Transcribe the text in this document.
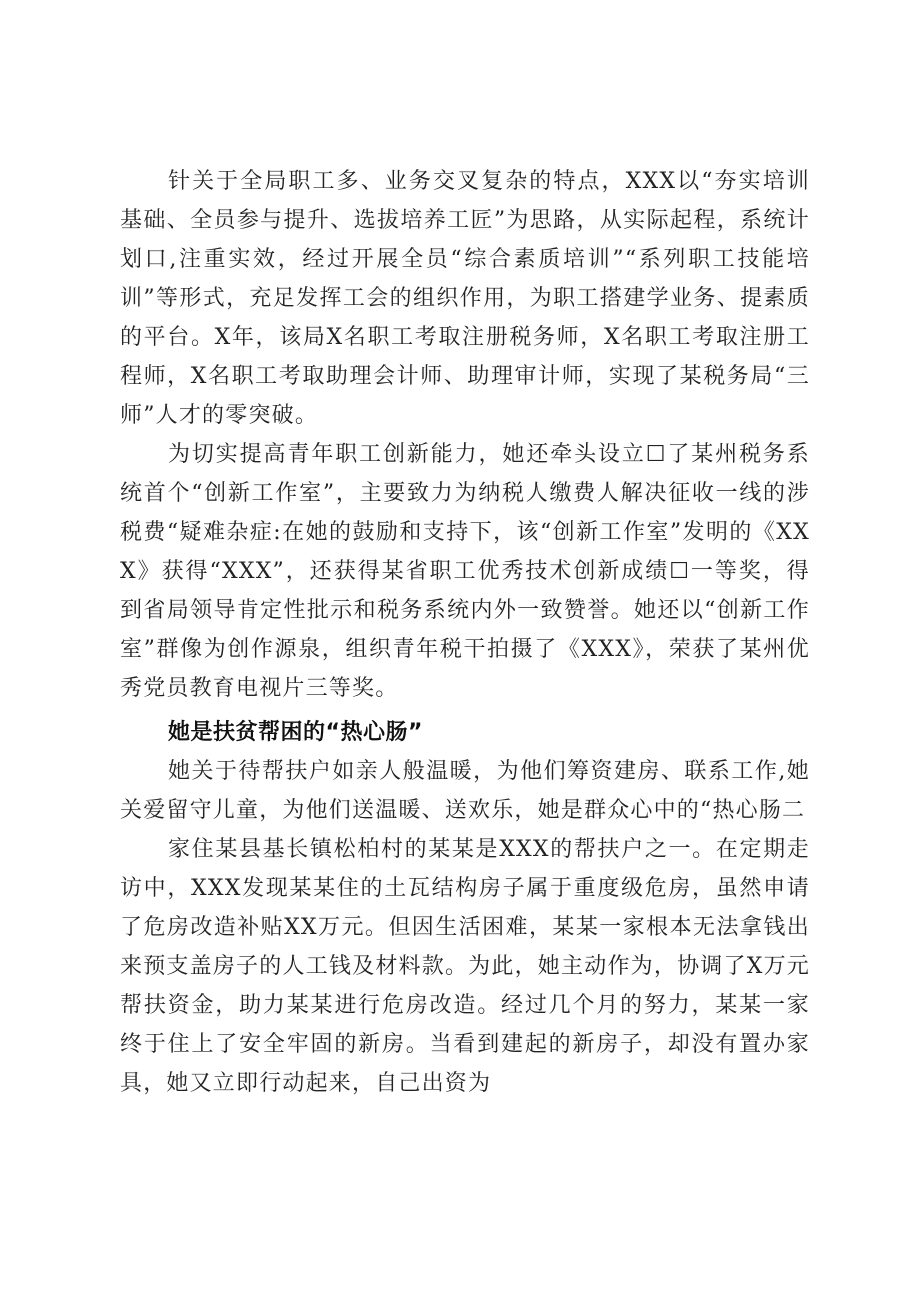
针关于全局职工多、业务交叉复杂的特点，XXX以“夯实培训基础、全员参与提升、选拔培养工匠”为思路，从实际起程，系统计划口,注重实效，经过开展全员“综合素质培训”“系列职工技能培训”等形式，充足发挥工会的组织作用，为职工搭建学业务、提素质的平台。X年，该局X名职工考取注册税务师，X名职工考取注册工程师，X名职工考取助理会计师、助理审计师，实现了某税务局“三师”人才的零突破。

为切实提高青年职工创新能力，她还牵头设立☐了某州税务系统首个“创新工作室”，主要致力为纳税人缴费人解决征收一线的涉税费“疑难杂症:在她的鼓励和支持下，该“创新工作室”发明的《XXX》获得“XXX”，还获得某省职工优秀技术创新成绩☐一等奖，得到省局领导肯定性批示和税务系统内外一致赞誉。她还以“创新工作室”群像为创作源泉，组织青年税干拍摄了《XXX》，荣获了某州优秀党员教育电视片三等奖。

她是扶贫帮困的“热心肠”

她关于待帮扶户如亲人般温暖，为他们筹资建房、联系工作,她关爱留守儿童，为他们送温暖、送欢乐，她是群众心中的“热心肠二

家住某县基长镇松柏村的某某是XXX的帮扶户之一。在定期走访中，XXX发现某某住的土瓦结构房子属于重度级危房，虽然申请了危房改造补贴XX万元。但因生活困难，某某一家根本无法拿钱出来预支盖房子的人工钱及材料款。为此，她主动作为，协调了X万元帮扶资金，助力某某进行危房改造。经过几个月的努力，某某一家终于住上了安全牢固的新房。当看到建起的新房子，却没有置办家具，她又立即行动起来，自己出资为
